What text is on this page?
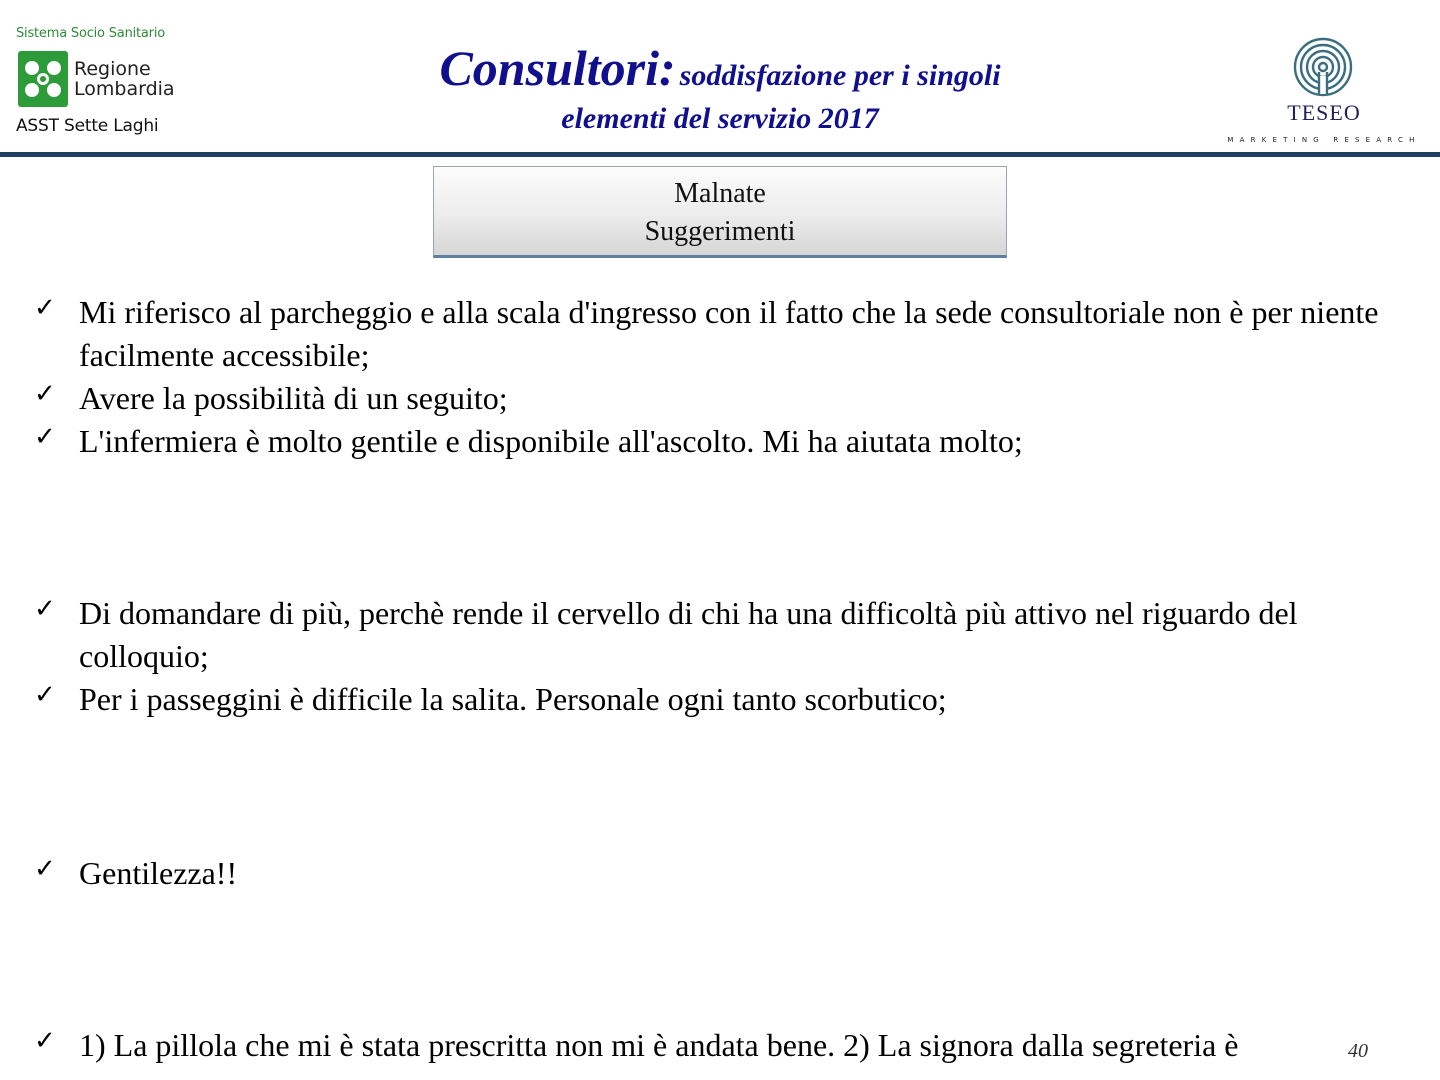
Sistema Socio Sanitario
Regione
Lombardia
ASST Sette Laghi
Consultori: soddisfazione per i singoli
elementi del servizio 2017	TESEO
MARKETING RESEARCH
Malnate
Suggerimenti
✓ Mi riferisco al parcheggio e alla scala d'ingresso con il fatto che la sede consultoriale non è per niente facilmente accessibile;
✓ Avere la possibilità di un seguito;
✓ L'infermiera è molto gentile e disponibile all'ascolto. Mi ha aiutata molto;
✓ Di domandare di più, perchè rende il cervello di chi ha una difficoltà più attivo nel riguardo del colloquio;
✓ Per i passeggini è difficile la salita. Personale ogni tanto scorbutico;
✓ Gentilezza!!
✓ 1) La pillola che mi è stata prescritta non mi è andata bene. 2) La signora dalla segreteria è	40
